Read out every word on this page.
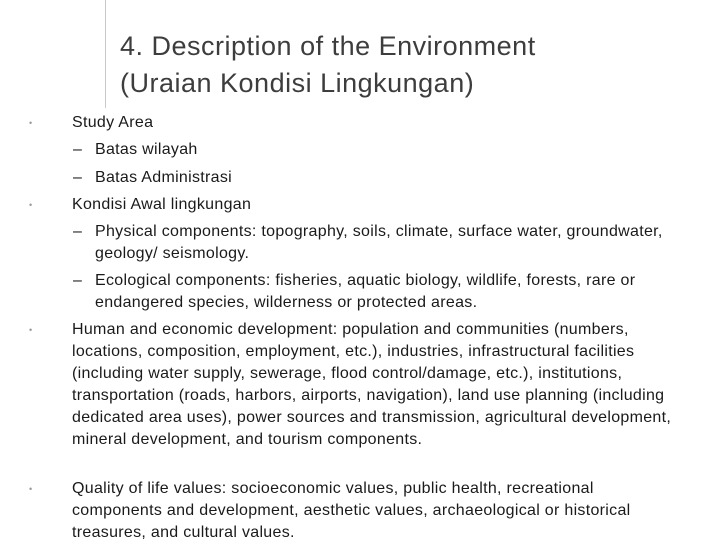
4. Description of the Environment
(Uraian Kondisi Lingkungan)
• Study Area
– Batas wilayah
– Batas Administrasi
• Kondisi Awal lingkungan
– Physical components: topography, soils, climate, surface water, groundwater, geology/ seismology.
– Ecological components: fisheries, aquatic biology, wildlife, forests, rare or endangered species, wilderness or protected areas.
• Human and economic development: population and communities (numbers, locations, composition, employment, etc.), industries, infrastructural facilities (including water supply, sewerage, flood control/damage, etc.), institutions, transportation (roads, harbors, airports, navigation), land use planning (including dedicated area uses), power sources and transmission, agricultural development, mineral development, and tourism components.
• Quality of life values: socioeconomic values, public health, recreational components and development, aesthetic values, archaeological or historical treasures, and cultural values.
